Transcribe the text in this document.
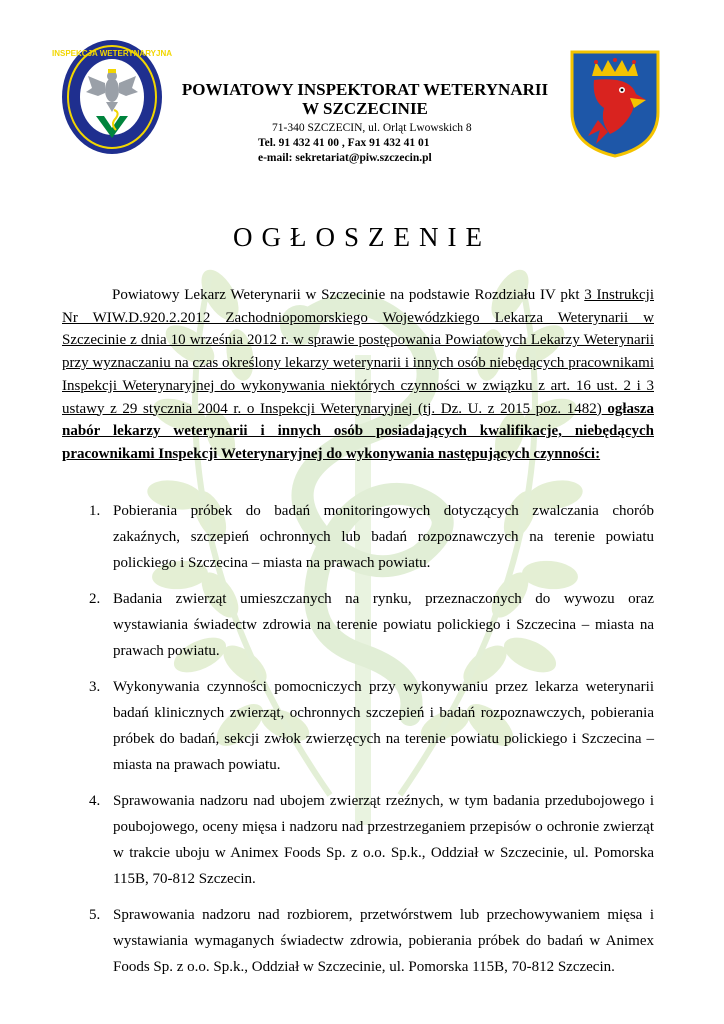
INSPEKCJA WETERYNARYJNA

POWIATOWY INSPEKTORAT WETERYNARII

W SZCZECINIE

71-340 SZCZECIN, ul. Orląt Lwowskich 8
Tel. 91 432 41 00 , Fax 91 432 41 01
e-mail: sekretariat@piw.szczecin.pl
OGŁOSZENIE
Powiatowy Lekarz Weterynarii w Szczecinie na podstawie Rozdziału IV pkt 3 Instrukcji Nr WIW.D.920.2.2012 Zachodniopomorskiego Wojewódzkiego Lekarza Weterynarii w Szczecinie z dnia 10 września 2012 r. w sprawie postępowania Powiatowych Lekarzy Weterynarii przy wyznaczaniu na czas określony lekarzy weterynarii i innych osób niebędących pracownikami Inspekcji Weterynaryjnej do wykonywania niektórych czynności w związku z art. 16 ust. 2 i 3 ustawy z 29 stycznia 2004 r. o Inspekcji Weterynaryjnej (tj. Dz. U. z 2015 poz. 1482) ogłasza nabór lekarzy weterynarii i innych osób posiadających kwalifikacje, niebędących pracownikami Inspekcji Weterynaryjnej do wykonywania następujących czynności:
1. Pobierania próbek do badań monitoringowych dotyczących zwalczania chorób zakaźnych, szczepień ochronnych lub badań rozpoznawczych na terenie powiatu polickiego i Szczecina – miasta na prawach powiatu.
2. Badania zwierząt umieszczanych na rynku, przeznaczonych do wywozu oraz wystawiania świadectw zdrowia na terenie powiatu polickiego i Szczecina – miasta na prawach powiatu.
3. Wykonywania czynności pomocniczych przy wykonywaniu przez lekarza weterynarii badań klinicznych zwierząt, ochronnych szczepień i badań rozpoznawczych, pobierania próbek do badań, sekcji zwłok zwierzęcych na terenie powiatu polickiego i Szczecina – miasta na prawach powiatu.
4. Sprawowania nadzoru nad ubojem zwierząt rzeźnych, w tym badania przedubojowego i poubojowego, oceny mięsa i nadzoru nad przestrzeganiem przepisów o ochronie zwierząt w trakcie uboju w Animex Foods Sp. z o.o. Sp.k., Oddział w Szczecinie, ul. Pomorska 115B, 70-812 Szczecin.
5. Sprawowania nadzoru nad rozbiorem, przetwórstwem lub przechowywaniem mięsa i wystawiania wymaganych świadectw zdrowia, pobierania próbek do badań w Animex Foods Sp. z o.o. Sp.k., Oddział w Szczecinie, ul. Pomorska 115B, 70-812 Szczecin.
